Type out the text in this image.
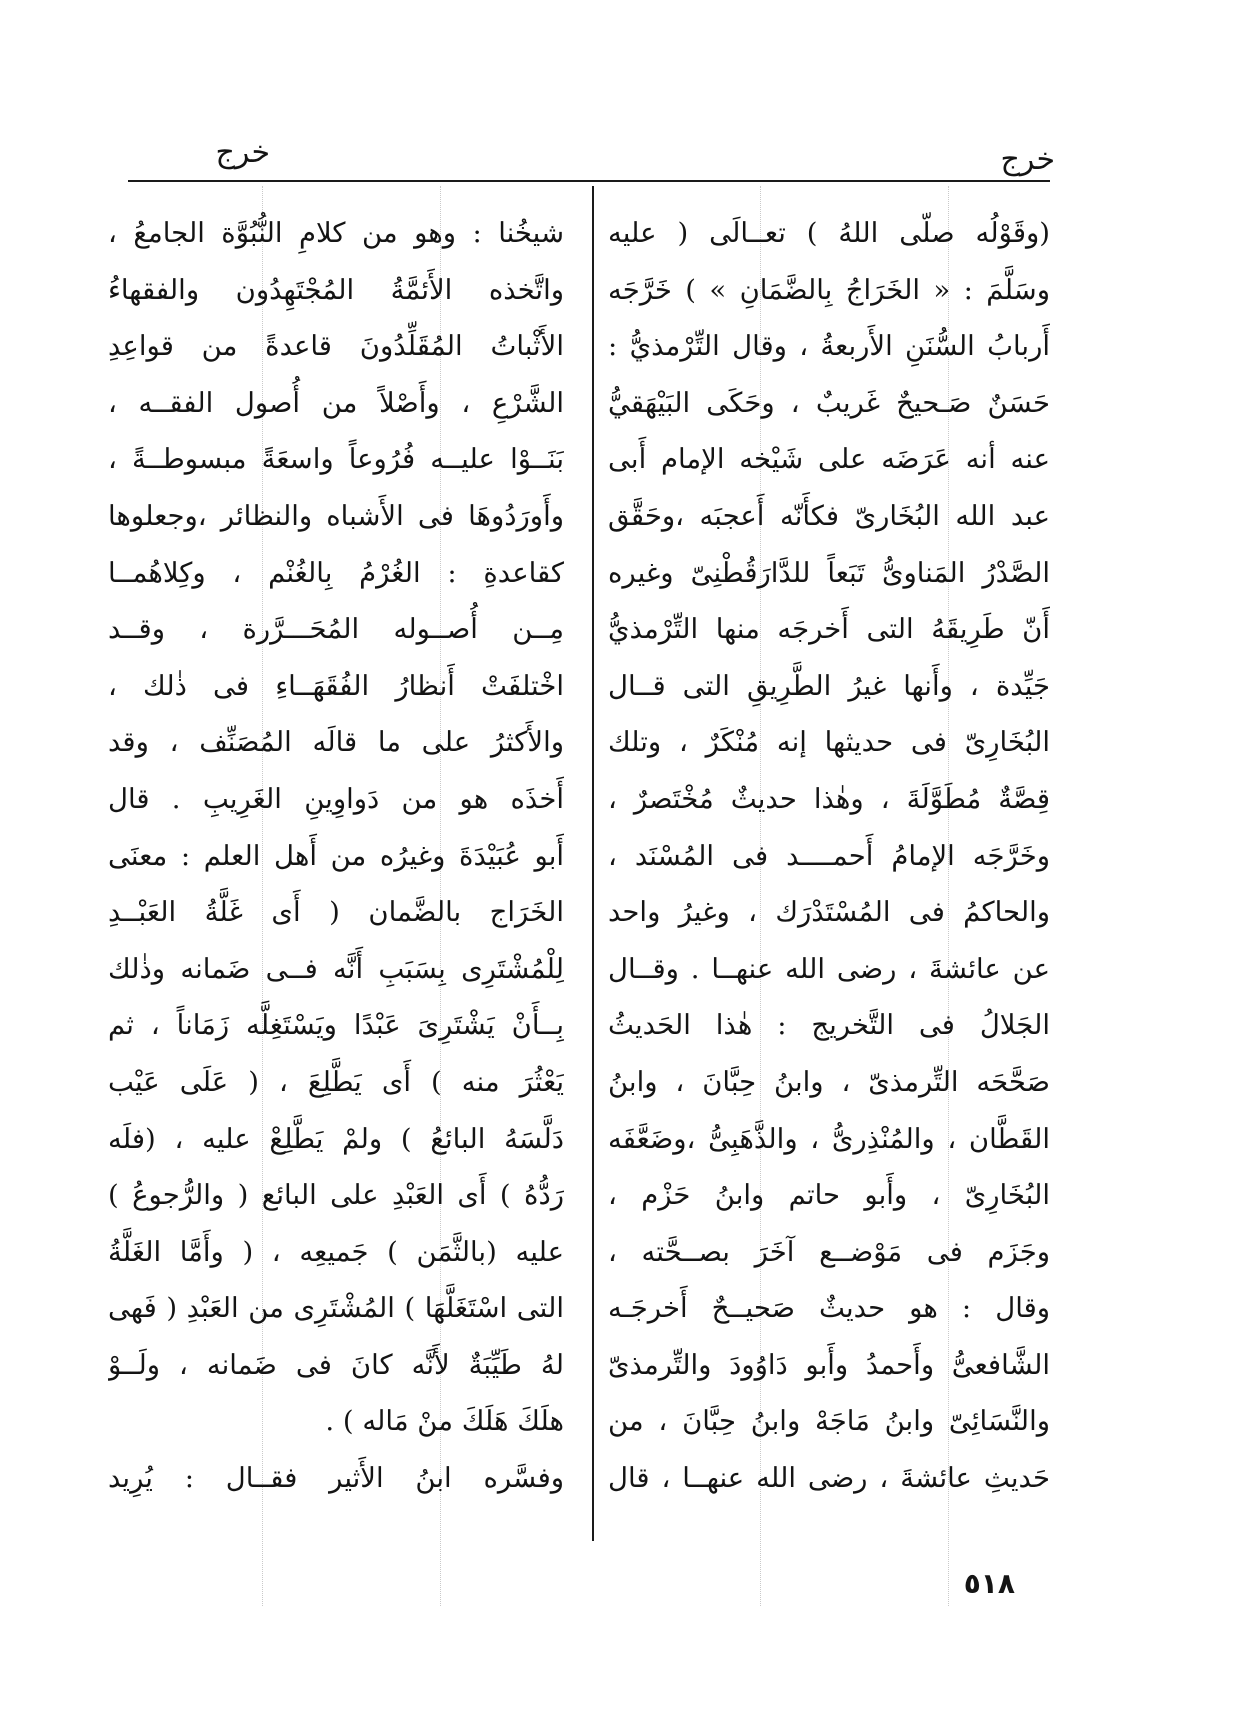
خرج
خرج
(وقَوْلُه صلّى اللهُ ) تعــالَى ( عليه
وسَلَّمَ : « الخَرَاجُ بِالضَّمَانِ » ) خَرَّجَه
أَربابُ السُّنَنِ الأَربعةُ ، وقال التِّرْمذيُّ :
حَسَنٌ صَـحيحٌ غَريبٌ ، وحَكَى البَيْهَقيُّ
عنه أنه عَرَضَه على شَيْخه الإمام أَبى
عبد الله البُخَارىّ فكأَنّه أَعجبَه ،وحَقَّق
الصَّدْرُ المَناوىُّ تَبَعاً للدَّارَقُطْنِىّ وغيره
أَنّ طَرِيقَهُ التى أَخرجَه منها التِّرْمذيُّ
جَيِّدة ، وأَنها غيرُ الطَّرِيقِ التى قــال
البُخَارِىّ فى حديثها إنه مُنْكَرٌ ، وتلك
قِصَّةٌ مُطَوَّلَةَ ، وهٰذا حديثٌ مُخْتَصرٌ ،
وخَرَّجَه الإمامُ أَحمــــد فى المُسْنَد ،
والحاكمُ فى المُسْتَدْرَك ، وغيرُ واحد
عن عائشةَ ، رضى الله عنهــا . وقــال
الجَلالُ فى التَّخريج : هٰذا الحَديثُ
صَحَّحَه التِّرمذىّ ، وابنُ حِبَّانَ ، وابنُ
القَطَّان ، والمُنْذِرىُّ ، والذَّهَبِىُّ ،وضَعَّفَه
البُخَارِىّ ، وأَبو حاتم وابنُ حَزْم ،
وجَزَم فى مَوْضــع آخَرَ بصــحَّته ،
وقال : هو حديثٌ صَحيــحٌ أَخرجَـه
الشَّافعىُّ وأَحمدُ وأَبو دَاوُودَ والتِّرمذىّ
والنَّسَائِىّ وابنُ مَاجَهْ وابنُ حِبَّانَ ، من
حَديثِ عائشةَ ، رضى الله عنهــا ، قال
شيخُنا : وهو من كلامِ النُّبُوَّة الجامعُ ،
واتَّخذه الأَئمَّةُ المُجْتَهِدُون والفقهاءُ
الأَثْباتُ المُقَلِّدُونَ قاعدةً من قواعِدِ
الشَّرْعِ ، وأَصْلاً من أُصول الفقــه ،
بَنَــوْا عليــه فُرُوعاً واسعَةً مبسوطــةً ،
وأَورَدُوهَا فى الأَشباه والنظائر ،وجعلوها
كقاعدةِ : الغُرْمُ بِالغُنْم ، وكِلاهُمــا
مِــن أُصــوله المُحَـــرَّرة ، وقــد
اخْتلفَتْ أَنظارُ الفُقَهَــاءِ فى ذٰلك ،
والأَكثرُ على ما قالَه المُصَنِّف ، وقد
أَخذَه هو من دَواوِينِ الغَرِيبِ . قال
أَبو عُبَيْدَةَ وغيرُه من أَهل العلم : معنَى
الخَرَاج بالضَّمان ( أَى غَلَّةُ العَبْــدِ
لِلْمُشْتَرِى بِسَبَبِ أَنَّه فــى ضَمانه وذٰلك
بِــأَنْ يَشْتَرِىَ عَبْدًا ويَسْتَغِلَّه زَمَاناً ، ثم
يَعْثُرَ منه ) أَى يَطَّلِعَ ، ( عَلَى عَيْب
دَلَّسَهُ البائعُ ) ولمْ يَطَّلِعْ عليه ، (فلَه
رَدُّهُ ) أَى العَبْدِ على البائع ( والرُّجوعُ )
عليه (بالثَّمَن ) جَميعِه ، ( وأَمَّا الغَلَّةُ
التى اسْتَغَلَّهَا ) المُشْتَرِى من العَبْدِ ( فَهى
لهُ طَيِّبَةٌ لأَنَّه كانَ فى ضَمانه ، ولَــوْ
هلَكَ هَلَكَ منْ مَاله ) .
وفسَّره ابنُ الأَثير فقــال : يُرِيد
٥١٨
